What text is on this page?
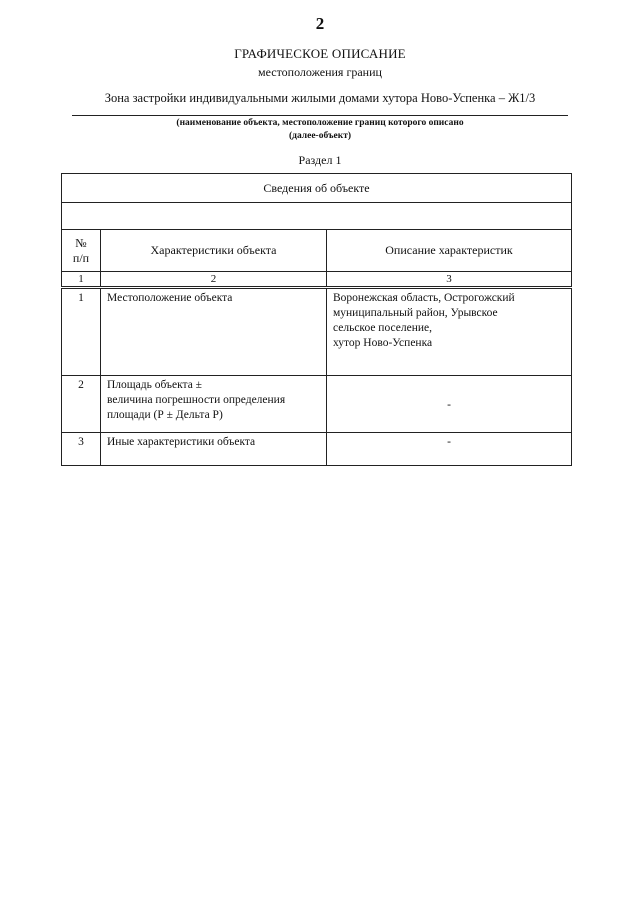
2
ГРАФИЧЕСКОЕ ОПИСАНИЕ
местоположения границ
Зона застройки индивидуальными жилыми домами хутора Ново-Успенка – Ж1/3
(наименование объекта, местоположение границ которого описано
(далее-объект)
Раздел 1
Сведения об объекте		

№
п/п	Характеристики объекта	Описание характеристик
1	2	3
1	Местоположение объекта	Воронежская область, Острогожский
муниципальный район, Урывское
сельское поселение,
хутор Ново-Успенка

2	Площадь объекта ±
величина погрешности определения
площади (Р ± Дельта Р)	-

3	Иные характеристики объекта	-
